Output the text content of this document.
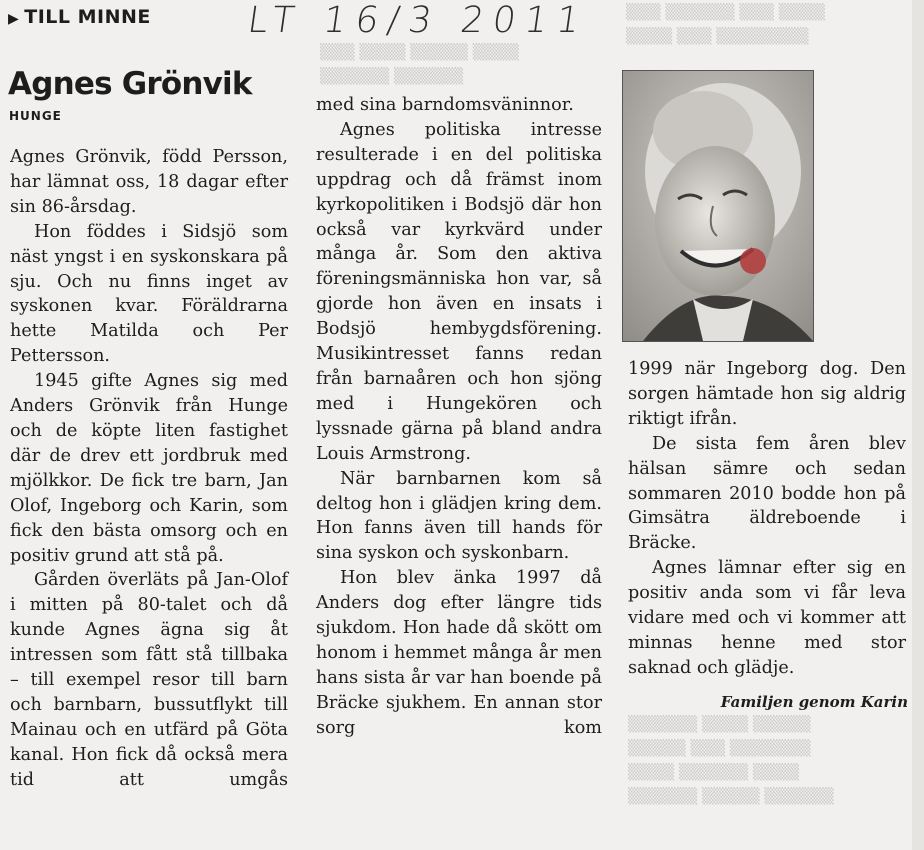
▒▒▒ ▒▒▒▒ ▒▒▒▒▒ ▒▒▒▒
▒▒▒▒▒▒ ▒▒▒▒▒▒
▒▒▒ ▒▒▒▒▒▒ ▒▒▒ ▒▒▒▒
▒▒▒▒ ▒▒▒ ▒▒▒▒▒▒▒▒
▒▒▒▒▒▒ ▒▒▒▒ ▒▒▒▒▒
▒▒▒▒▒ ▒▒▒ ▒▒▒▒▒▒▒
▒▒▒▒ ▒▒▒▒▒▒ ▒▒▒▒
▒▒▒▒▒▒ ▒▒▒▒▒ ▒▒▒▒▒▒
▶ TILL MINNE	LT 16/3 2011
Agnes Grönvik
HUNGE

Agnes Grönvik, född Persson, har lämnat oss, 18 dagar efter sin 86-årsdag.

Hon föddes i Sidsjö som näst yngst i en syskonskara på sju. Och nu finns inget av syskonen kvar. Föräldrarna hette Matilda och Per Pettersson.

1945 gifte Agnes sig med Anders Grönvik från Hunge och de köpte liten fastighet där de drev ett jordbruk med mjölkkor. De fick tre barn, Jan Olof, Ingeborg och Karin, som fick den bästa omsorg och en positiv grund att stå på.

Gården överläts på Jan-Olof i mitten på 80-talet och då kunde Agnes ägna sig åt intressen som fått stå tillbaka – till exempel resor till barn och barnbarn, bussutflykt till Mainau och en utfärd på Göta kanal. Hon fick då också mera tid att umgås

med sina barndomsväninnor.

Agnes politiska intresse resulterade i en del politiska uppdrag och då främst inom kyrkopolitiken i Bodsjö där hon också var kyrkvärd under många år. Som den aktiva föreningsmänniska hon var, så gjorde hon även en insats i Bodsjö hembygdsförening. Musikintresset fanns redan från barnaåren och hon sjöng med i Hungekören och lyssnade gärna på bland andra Louis Armstrong.

När barnbarnen kom så deltog hon i glädjen kring dem. Hon fanns även till hands för sina syskon och syskonbarn.

Hon blev änka 1997 då Anders dog efter längre tids sjukdom. Hon hade då skött om honom i hemmet många år men hans sista år var han boende på Bräcke sjukhem. En annan stor sorg kom

1999 när Ingeborg dog. Den sorgen hämtade hon sig aldrig riktigt ifrån.

De sista fem åren blev hälsan sämre och sedan sommaren 2010 bodde hon på Gimsätra äldreboende i Bräcke.

Agnes lämnar efter sig en positiv anda som vi får leva vidare med och vi kommer att minnas henne med stor saknad och glädje.

Familjen genom Karin
